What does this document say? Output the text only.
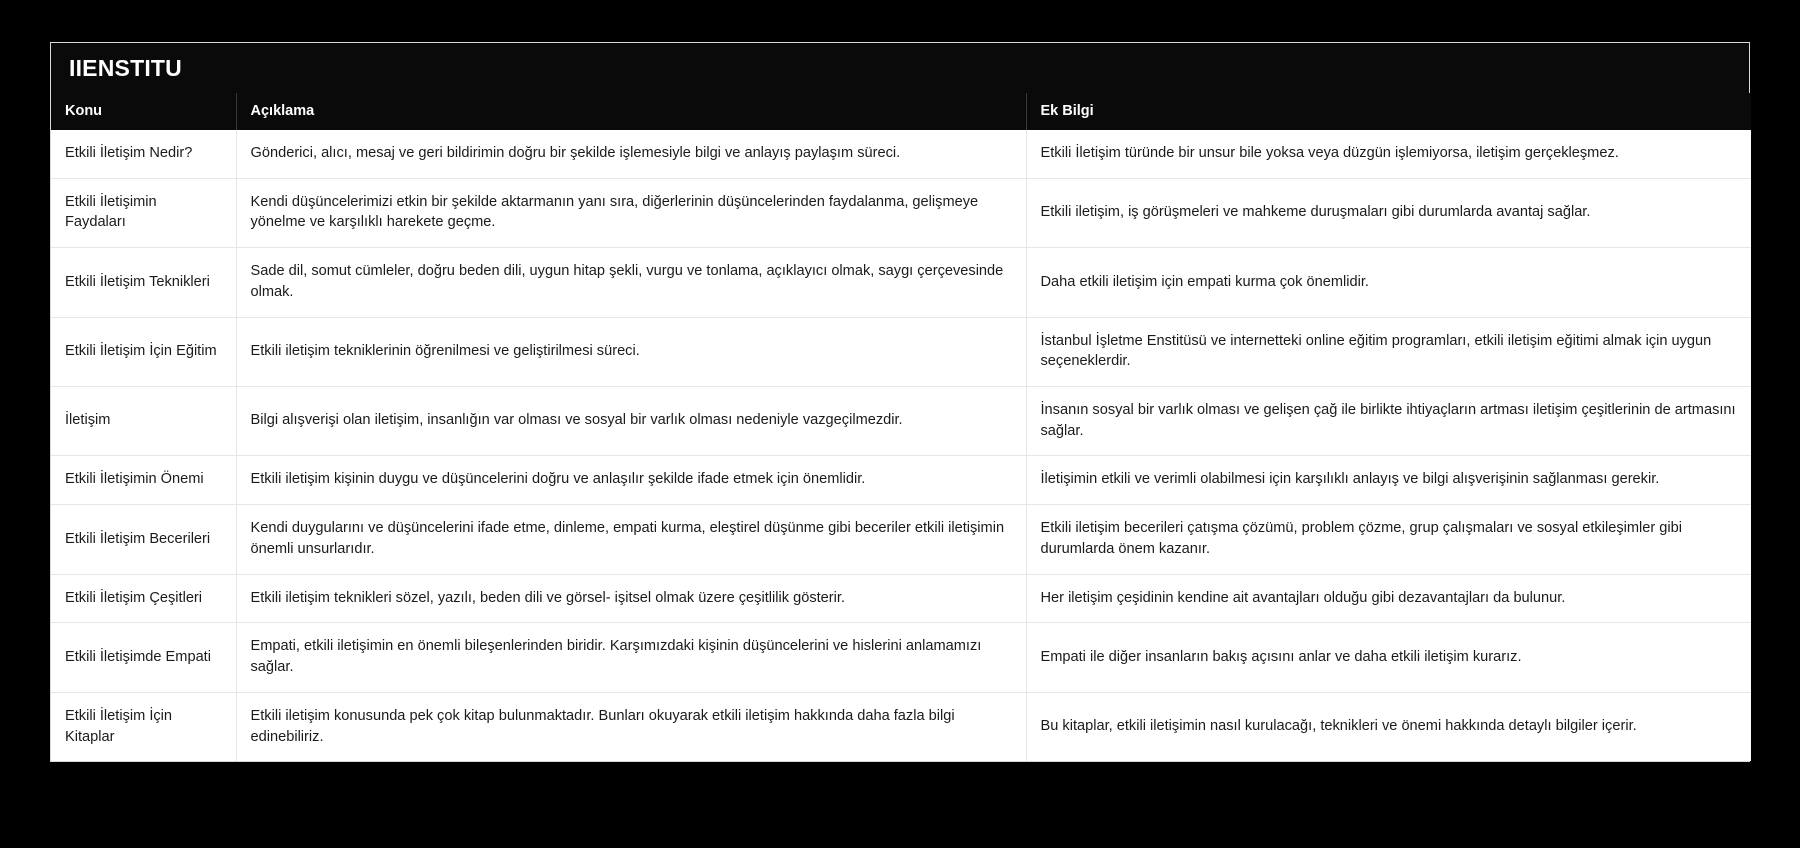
IIENSTITU
Konu	Açıklama	Ek Bilgi
Etkili İletişim Nedir?	Gönderici, alıcı, mesaj ve geri bildirimin doğru bir şekilde işlemesiyle bilgi ve anlayış paylaşım süreci.	Etkili İletişim türünde bir unsur bile yoksa veya düzgün işlemiyorsa, iletişim gerçekleşmez.
Etkili İletişimin Faydaları	Kendi düşüncelerimizi etkin bir şekilde aktarmanın yanı sıra, diğerlerinin düşüncelerinden faydalanma, gelişmeye yönelme ve karşılıklı harekete geçme.	Etkili iletişim, iş görüşmeleri ve mahkeme duruşmaları gibi durumlarda avantaj sağlar.
Etkili İletişim Teknikleri	Sade dil, somut cümleler, doğru beden dili, uygun hitap şekli, vurgu ve tonlama, açıklayıcı olmak, saygı çerçevesinde olmak.	Daha etkili iletişim için empati kurma çok önemlidir.
Etkili İletişim İçin Eğitim	Etkili iletişim tekniklerinin öğrenilmesi ve geliştirilmesi süreci.	İstanbul İşletme Enstitüsü ve internetteki online eğitim programları, etkili iletişim eğitimi almak için uygun seçeneklerdir.
İletişim	Bilgi alışverişi olan iletişim, insanlığın var olması ve sosyal bir varlık olması nedeniyle vazgeçilmezdir.	İnsanın sosyal bir varlık olması ve gelişen çağ ile birlikte ihtiyaçların artması iletişim çeşitlerinin de artmasını sağlar.
Etkili İletişimin Önemi	Etkili iletişim kişinin duygu ve düşüncelerini doğru ve anlaşılır şekilde ifade etmek için önemlidir.	İletişimin etkili ve verimli olabilmesi için karşılıklı anlayış ve bilgi alışverişinin sağlanması gerekir.
Etkili İletişim Becerileri	Kendi duygularını ve düşüncelerini ifade etme, dinleme, empati kurma, eleştirel düşünme gibi beceriler etkili iletişimin önemli unsurlarıdır.	Etkili iletişim becerileri çatışma çözümü, problem çözme, grup çalışmaları ve sosyal etkileşimler gibi durumlarda önem kazanır.
Etkili İletişim Çeşitleri	Etkili iletişim teknikleri sözel, yazılı, beden dili ve görsel- işitsel olmak üzere çeşitlilik gösterir.	Her iletişim çeşidinin kendine ait avantajları olduğu gibi dezavantajları da bulunur.
Etkili İletişimde Empati	Empati, etkili iletişimin en önemli bileşenlerinden biridir. Karşımızdaki kişinin düşüncelerini ve hislerini anlamamızı sağlar.	Empati ile diğer insanların bakış açısını anlar ve daha etkili iletişim kurarız.
Etkili İletişim İçin Kitaplar	Etkili iletişim konusunda pek çok kitap bulunmaktadır. Bunları okuyarak etkili iletişim hakkında daha fazla bilgi edinebiliriz.	Bu kitaplar, etkili iletişimin nasıl kurulacağı, teknikleri ve önemi hakkında detaylı bilgiler içerir.
